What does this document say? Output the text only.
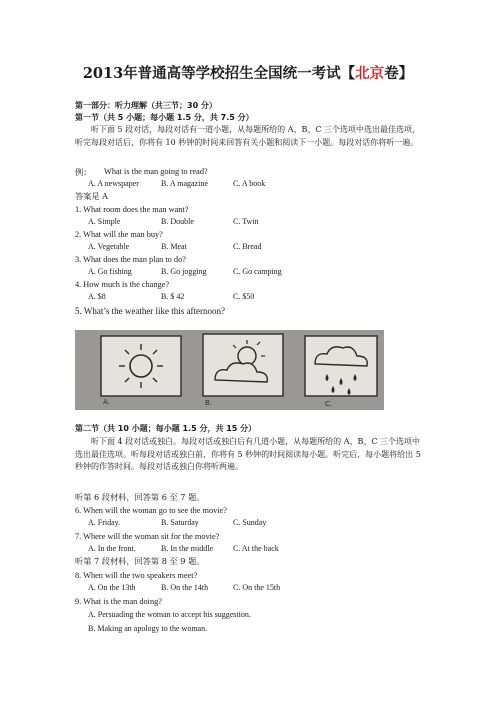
2013年普通高等学校招生全国统一考试【北京卷】
第一部分：听力理解（共三节；30 分）
第一节（共 5 小题；每小题 1.5 分，共 7.5 分）
听下面 5 段对话，每段对话有一道小题，从每题所给的 A、B、C 三个选项中选出最佳选项，听完每段对话后，你将有 10 秒钟的时间来回答有关小题和阅读下一小题。每段对话你将听一遍。
例： What is the man going to read?
A. A newspaper	B. A magazine	C. A book
答案是 A
1. What room does the man want?
A. Simple	B. Double	C. Twin
2. What will the man buy?
A. Vegetable	B. Meat	C. Bread
3. What does the man plan to do?
A. Go fishing	B. Go jogging	C. Go camping
4. How much is the change?
A. $8	B. $ 42	C. $50
5. What’s the weather like this afternoon?
A.	B.	C.
第二节（共 10 小题；每小题 1.5 分，共 15 分）
听下面 4 段对话或独白。每段对话或独白后有几道小题，从每题所给的 A、B、C 三个选项中选出最佳选项。听每段对话或独白前，你将有 5 秒钟的时间阅读每小题。听完后，每小题将给出 5 秒钟的作答时间。每段对话或独白你将听两遍。
听第 6 段材料，回答第 6 至 7 题。
6. When will the woman go to see the movie?
A. Friday.	B. Saturday	C. Sunday
7. Where will the woman sit for the movie?
A. In the front.	B. In the middle	C. At the back
听第 7 段材料，回答第 8 至 9 题。
8. When will the two speakers meet?
A. On the 13th	B. On the 14th	C. On the 15th
9. What is the man doing?
A. Persuading the woman to accept his suggestion.
B. Making an apology to the woman.
